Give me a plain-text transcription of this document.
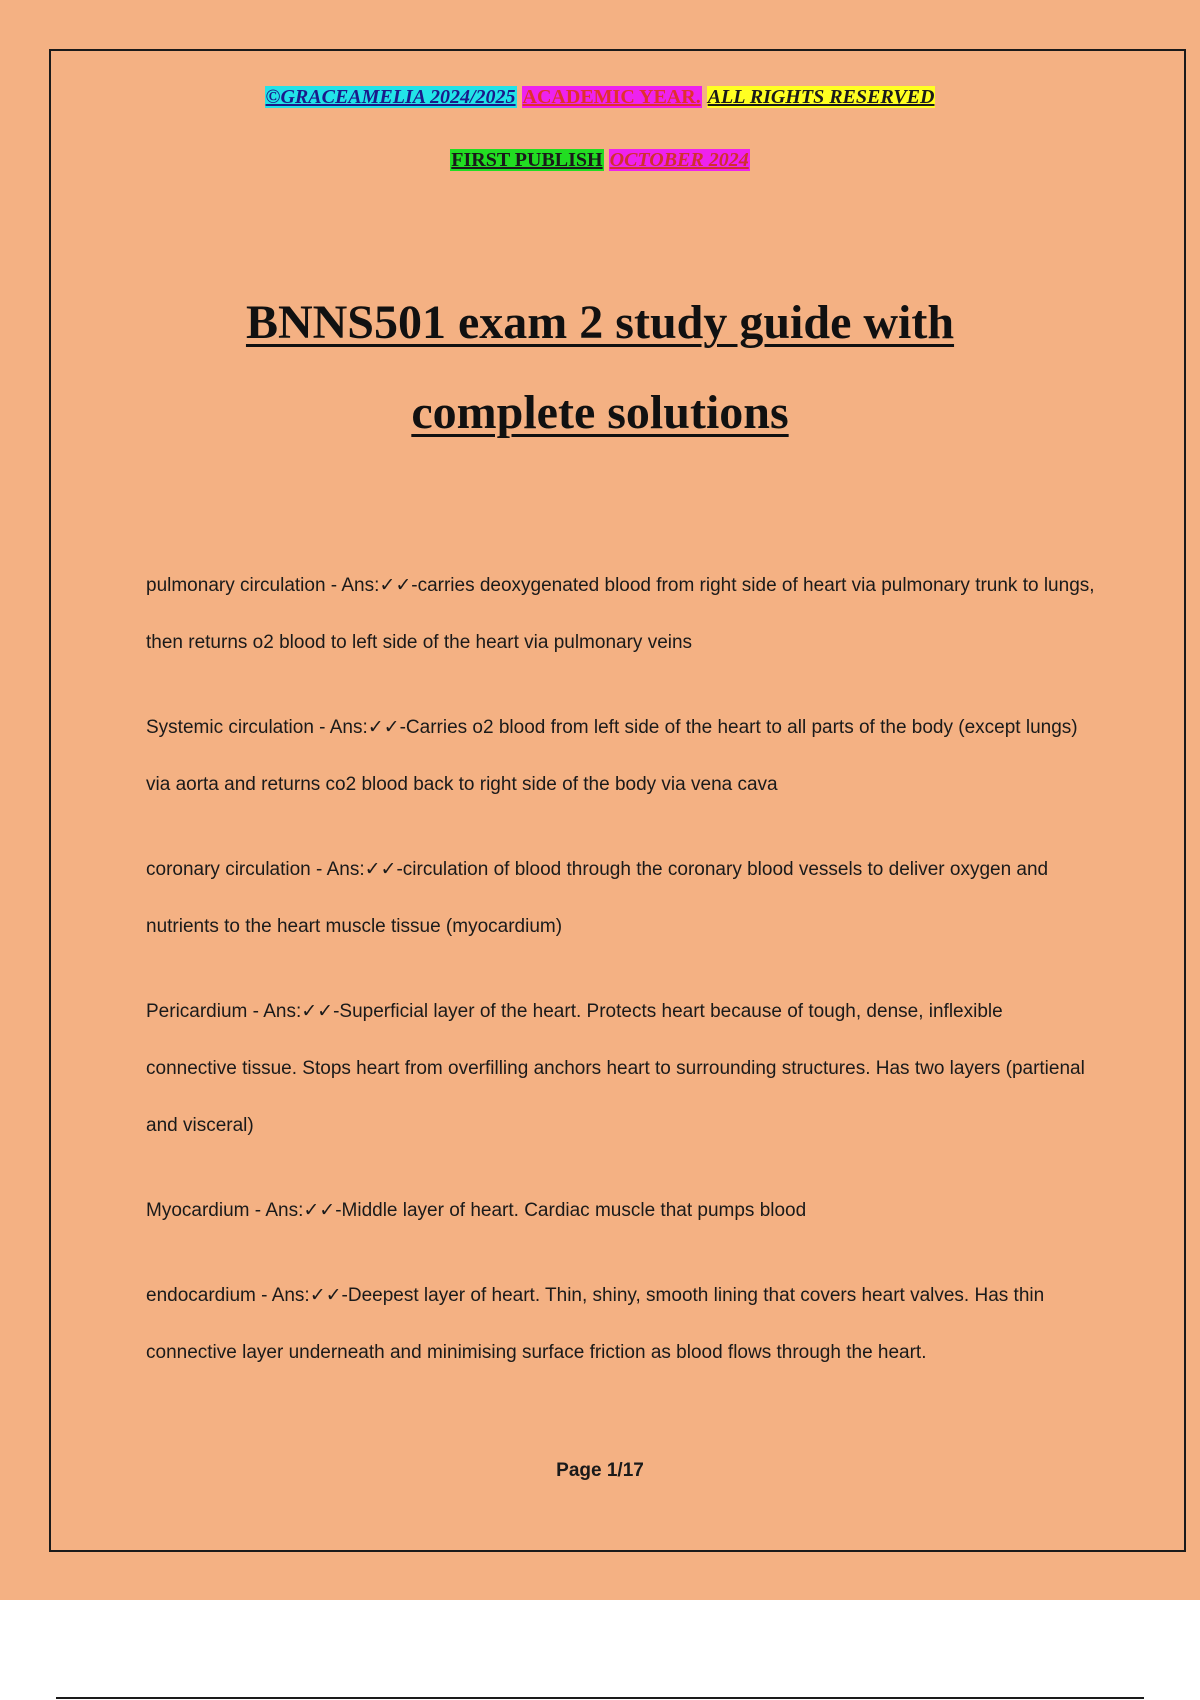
©GRACEAMELIA 2024/2025 ACADEMIC YEAR. ALL RIGHTS RESERVED
FIRST PUBLISH OCTOBER 2024
BNNS501 exam 2 study guide with
complete solutions
pulmonary circulation - Ans:✓✓ - carries deoxygenated blood from right side of heart via pulmonary trunk to lungs, then returns o2 blood to left side of the heart via pulmonary veins
Systemic circulation - Ans:✓✓ - Carries o2 blood from left side of the heart to all parts of the body (except lungs) via aorta and returns co2 blood back to right side of the body via vena cava
coronary circulation - Ans:✓✓ - circulation of blood through the coronary blood vessels to deliver oxygen and nutrients to the heart muscle tissue (myocardium)
Pericardium - Ans:✓✓ - Superficial layer of the heart. Protects heart because of tough, dense, inflexible connective tissue. Stops heart from overfilling anchors heart to surrounding structures. Has two layers (partienal and visceral)
Myocardium - Ans:✓✓ - Middle layer of heart. Cardiac muscle that pumps blood
endocardium - Ans:✓✓ - Deepest layer of heart. Thin, shiny, smooth lining that covers heart valves. Has thin connective layer underneath and minimising surface friction as blood flows through the heart.
Page 1/17
